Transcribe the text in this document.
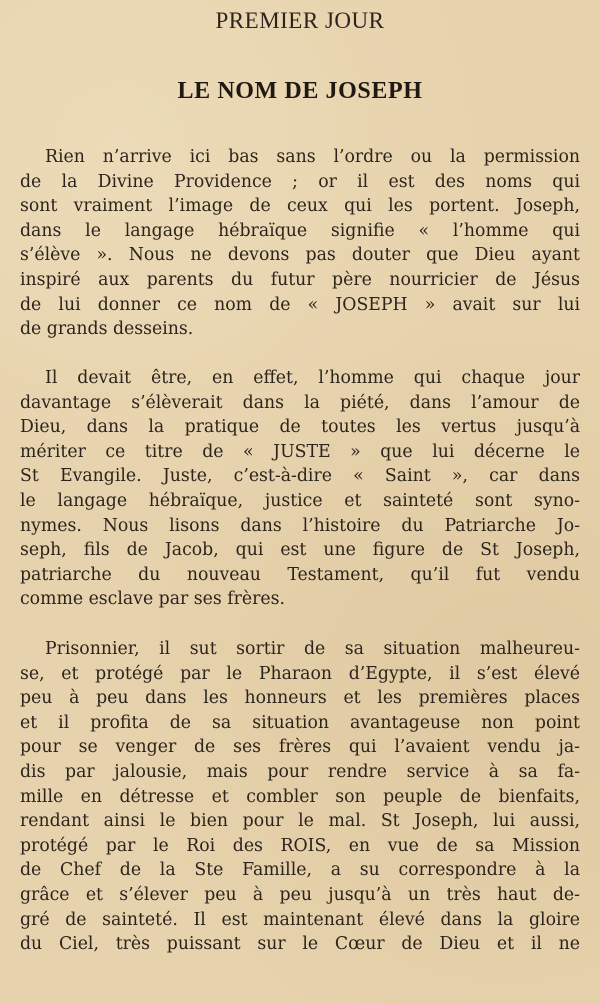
PREMIER JOUR
LE NOM DE JOSEPH
Rien n’arrive ici bas sans l’ordre ou la permission
de la Divine Providence ; or il est des noms qui
sont vraiment l’image de ceux qui les portent. Joseph,
dans le langage hébraïque signifie « l’homme qui
s’élève ». Nous ne devons pas douter que Dieu ayant
inspiré aux parents du futur père nourricier de Jésus
de lui donner ce nom de « JOSEPH » avait sur lui
de grands desseins.
Il devait être, en effet, l’homme qui chaque jour
davantage s’élèverait dans la piété, dans l’amour de
Dieu, dans la pratique de toutes les vertus jusqu’à
mériter ce titre de « JUSTE » que lui décerne le
St Evangile. Juste, c’est-à-dire « Saint », car dans
le langage hébraïque, justice et sainteté sont syno-
nymes. Nous lisons dans l’histoire du Patriarche Jo-
seph, fils de Jacob, qui est une figure de St Joseph,
patriarche du nouveau Testament, qu’il fut vendu
comme esclave par ses frères.
Prisonnier, il sut sortir de sa situation malheureu-
se, et protégé par le Pharaon d’Egypte, il s’est élevé
peu à peu dans les honneurs et les premières places
et il profita de sa situation avantageuse non point
pour se venger de ses frères qui l’avaient vendu ja-
dis par jalousie, mais pour rendre service à sa fa-
mille en détresse et combler son peuple de bienfaits,
rendant ainsi le bien pour le mal. St Joseph, lui aussi,
protégé par le Roi des ROIS, en vue de sa Mission
de Chef de la Ste Famille, a su correspondre à la
grâce et s’élever peu à peu jusqu’à un très haut de-
gré de sainteté. Il est maintenant élevé dans la gloire
du Ciel, très puissant sur le Cœur de Dieu et il ne
